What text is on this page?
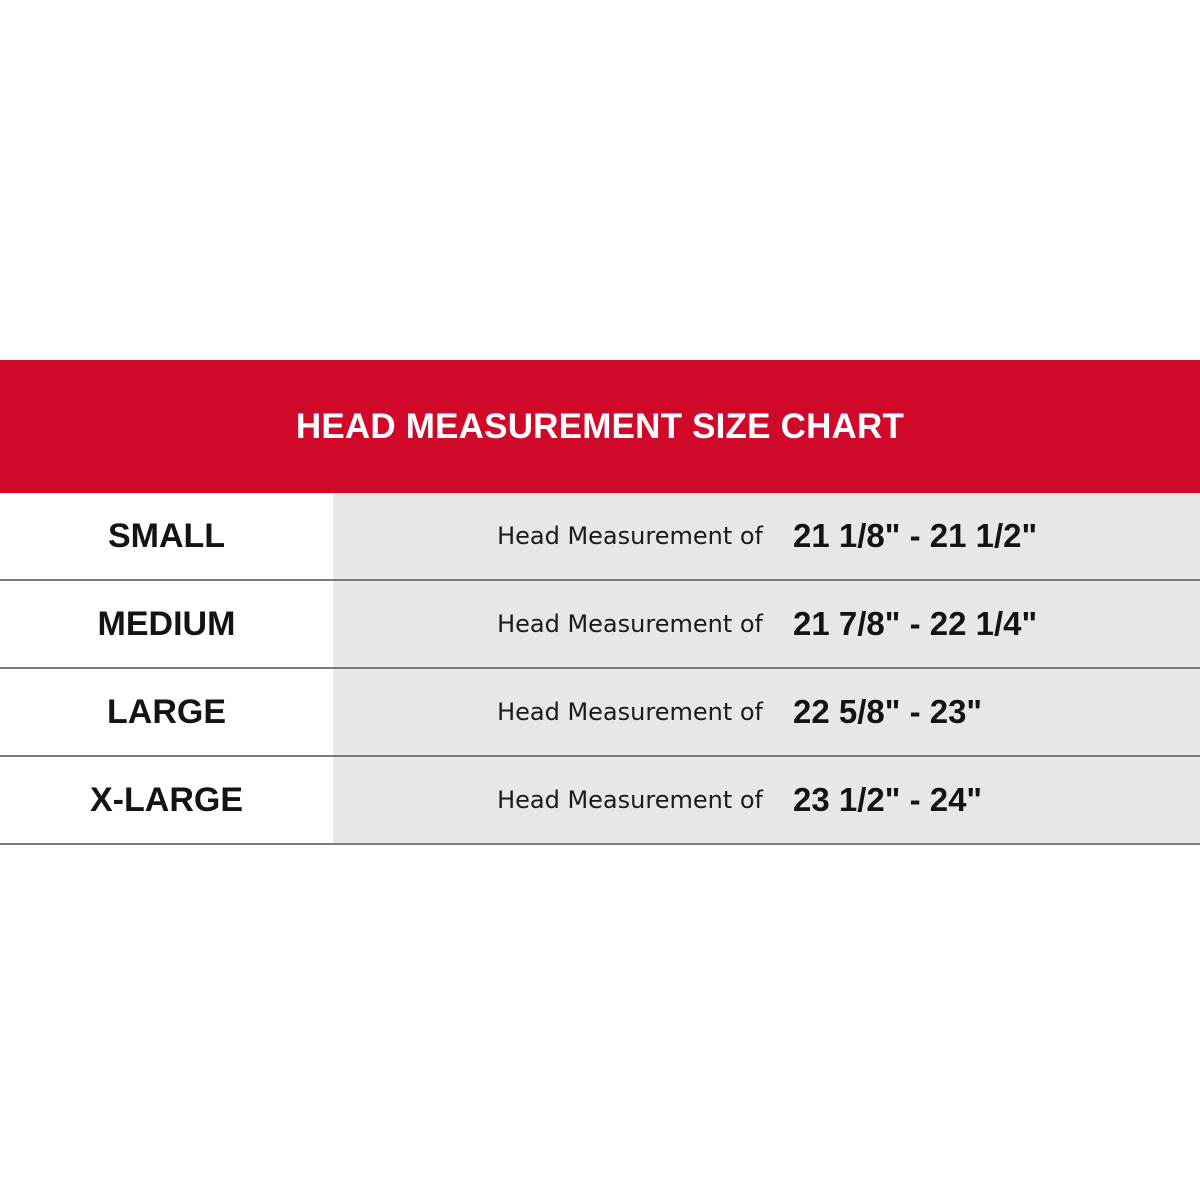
HEAD MEASUREMENT SIZE CHART
SMALL	Head Measurement of 21 1/8" - 21 1/2"
MEDIUM	Head Measurement of 21 7/8" - 22 1/4"
LARGE	Head Measurement of 22 5/8" - 23"
X-LARGE	Head Measurement of 23 1/2" - 24"
